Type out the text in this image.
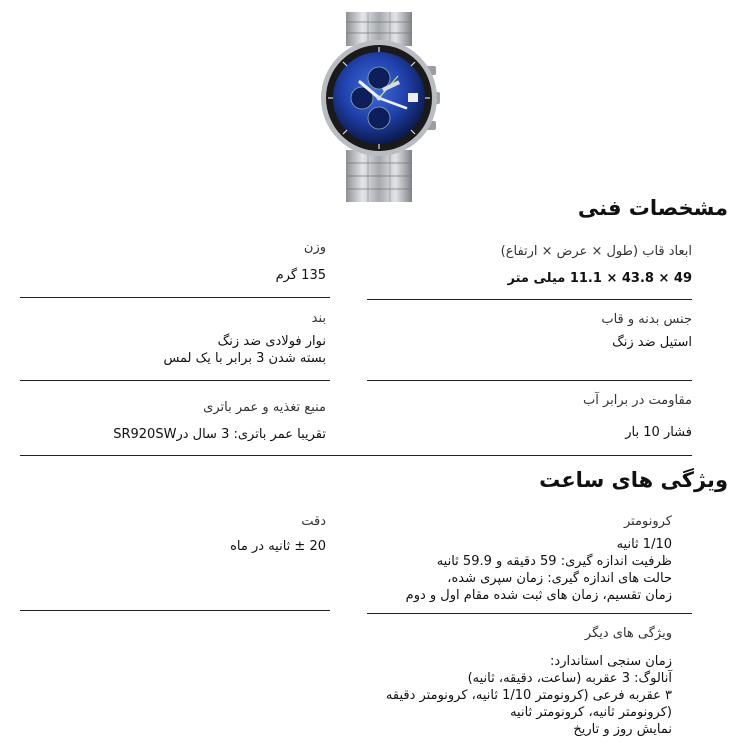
مشخصات فنی
ابعاد قاب (طول × عرض × ارتفاع)
49 × 43.8 × 11.1 میلی متر
وزن
135 گرم
جنس بدنه و قاب
استیل ضد زنگ
بند
نوار فولادی ضد زنگ
بسته شدن 3 برابر با یک لمس
مقاومت در برابر آب
فشار 10 بار
منبع تغذیه و عمر باتری
تقریبا عمر باتری: 3 سال درSR920SW
ویژگی های ساعت
کرونومتر
1/10 ثانیه
ظرفیت اندازه گیری: 59 دقیقه و 59.9 ثانیه
حالت های اندازه گیری: زمان سپری شده،
زمان تقسیم، زمان های ثبت شده مقام اول و دوم
دقت
20 ± ثانیه در ماه
ویژگی های دیگر
زمان سنجی استاندارد:
آنالوگ: 3 عقربه (ساعت، دقیقه، ثانیه)
۳ عقربه فرعی (کرونومتر 1/10 ثانیه، کرونومتر دقیقه
(کرونومتر ثانیه، کرونومتر ثانیه
نمایش روز و تاریخ
